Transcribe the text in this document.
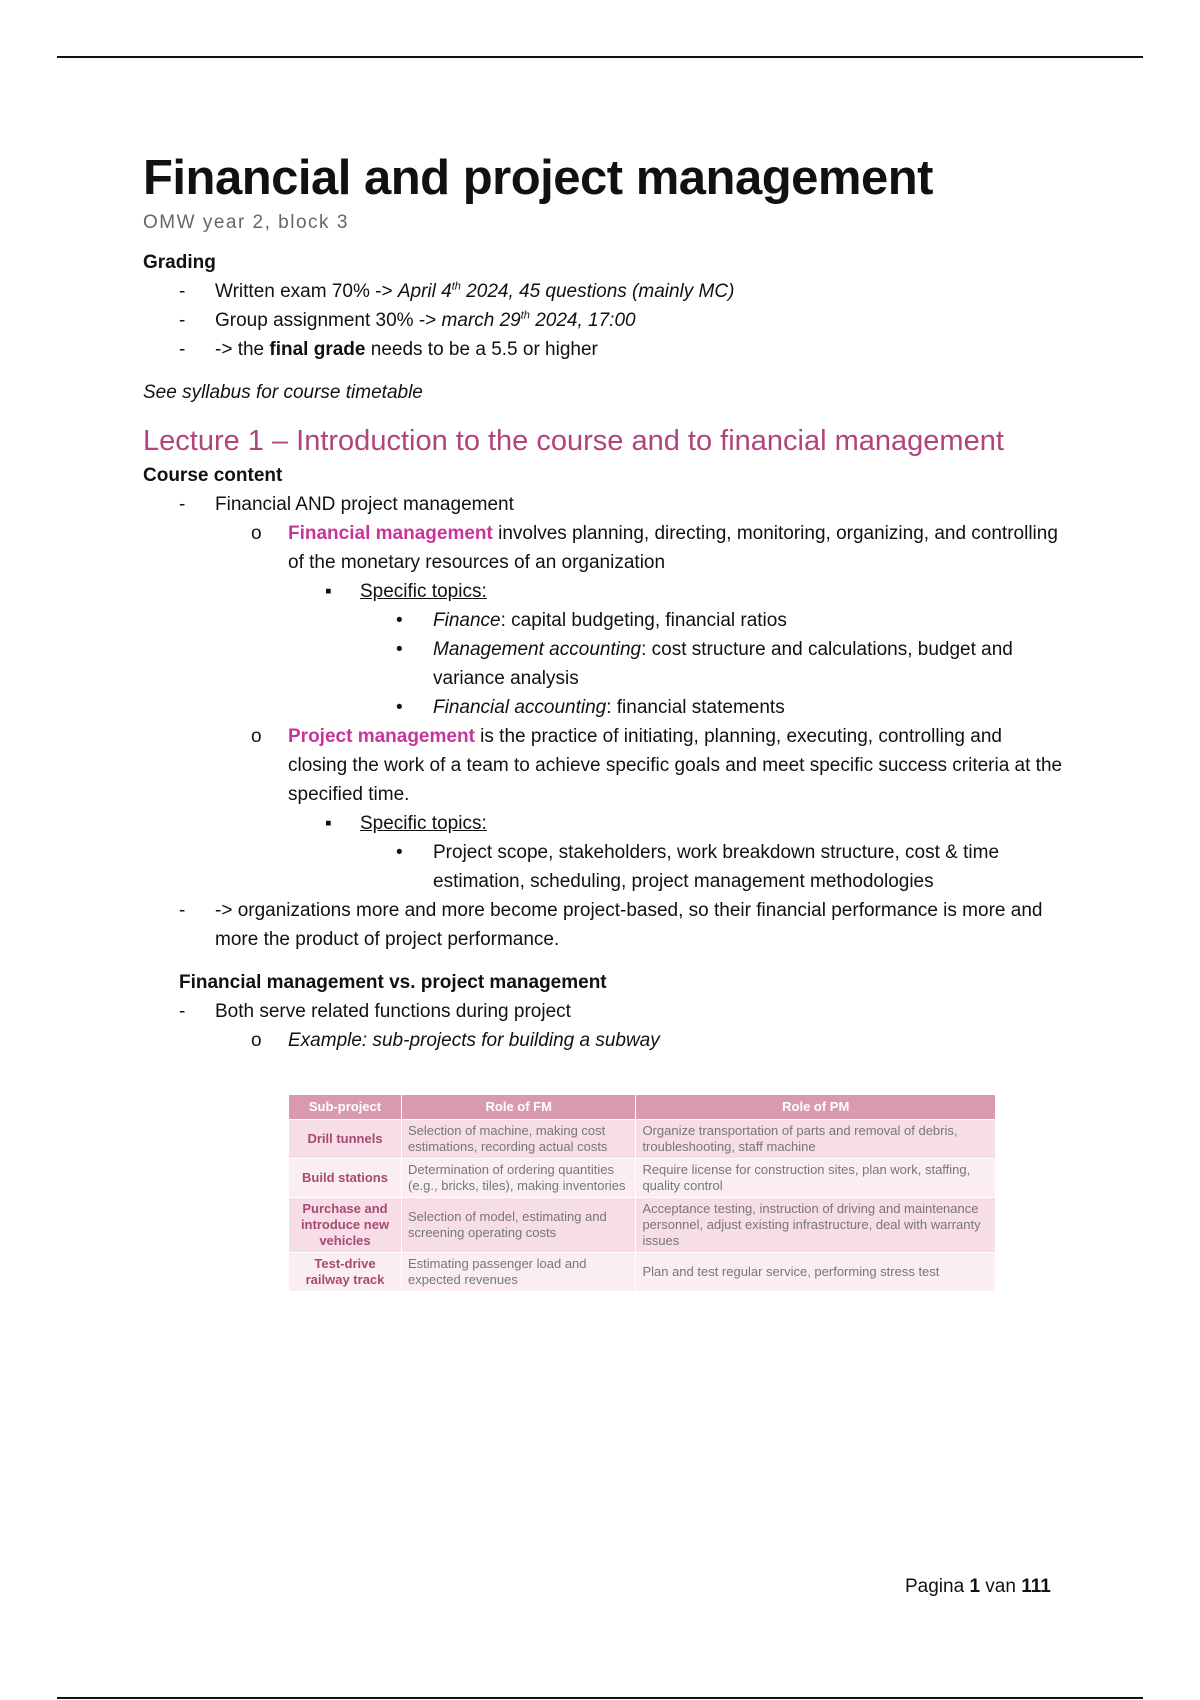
Financial and project management
OMW year 2, block 3
Grading
-	Written exam 70% -> April 4th 2024, 45 questions (mainly MC)
-	Group assignment 30% -> march 29th 2024, 17:00
-	-> the final grade needs to be a 5.5 or higher
See syllabus for course timetable
Lecture 1 – Introduction to the course and to financial management
Course content
-	Financial AND project management
o	Financial management involves planning, directing, monitoring, organizing, and controlling of the monetary resources of an organization
▪	Specific topics:
•	Finance: capital budgeting, financial ratios
•	Management accounting: cost structure and calculations, budget and variance analysis
•	Financial accounting: financial statements
o	Project management is the practice of initiating, planning, executing, controlling and closing the work of a team to achieve specific goals and meet specific success criteria at the specified time.
▪	Specific topics:
•	Project scope, stakeholders, work breakdown structure, cost & time estimation, scheduling, project management methodologies
-	-> organizations more and more become project-based, so their financial performance is more and more the product of project performance.
Financial management vs. project management
-	Both serve related functions during project
o	Example: sub-projects for building a subway
Sub-project	Role of FM	Role of PM
Drill tunnels	Selection of machine, making cost estimations, recording actual costs	Organize transportation of parts and removal of debris, troubleshooting, staff machine
Build stations	Determination of ordering quantities (e.g., bricks, tiles), making inventories	Require license for construction sites, plan work, staffing, quality control
Purchase and introduce new vehicles	Selection of model, estimating and screening operating costs	Acceptance testing, instruction of driving and maintenance personnel, adjust existing infrastructure, deal with warranty issues
Test-drive railway track	Estimating passenger load and expected revenues	Plan and test regular service, performing stress test
Pagina 1 van 111
